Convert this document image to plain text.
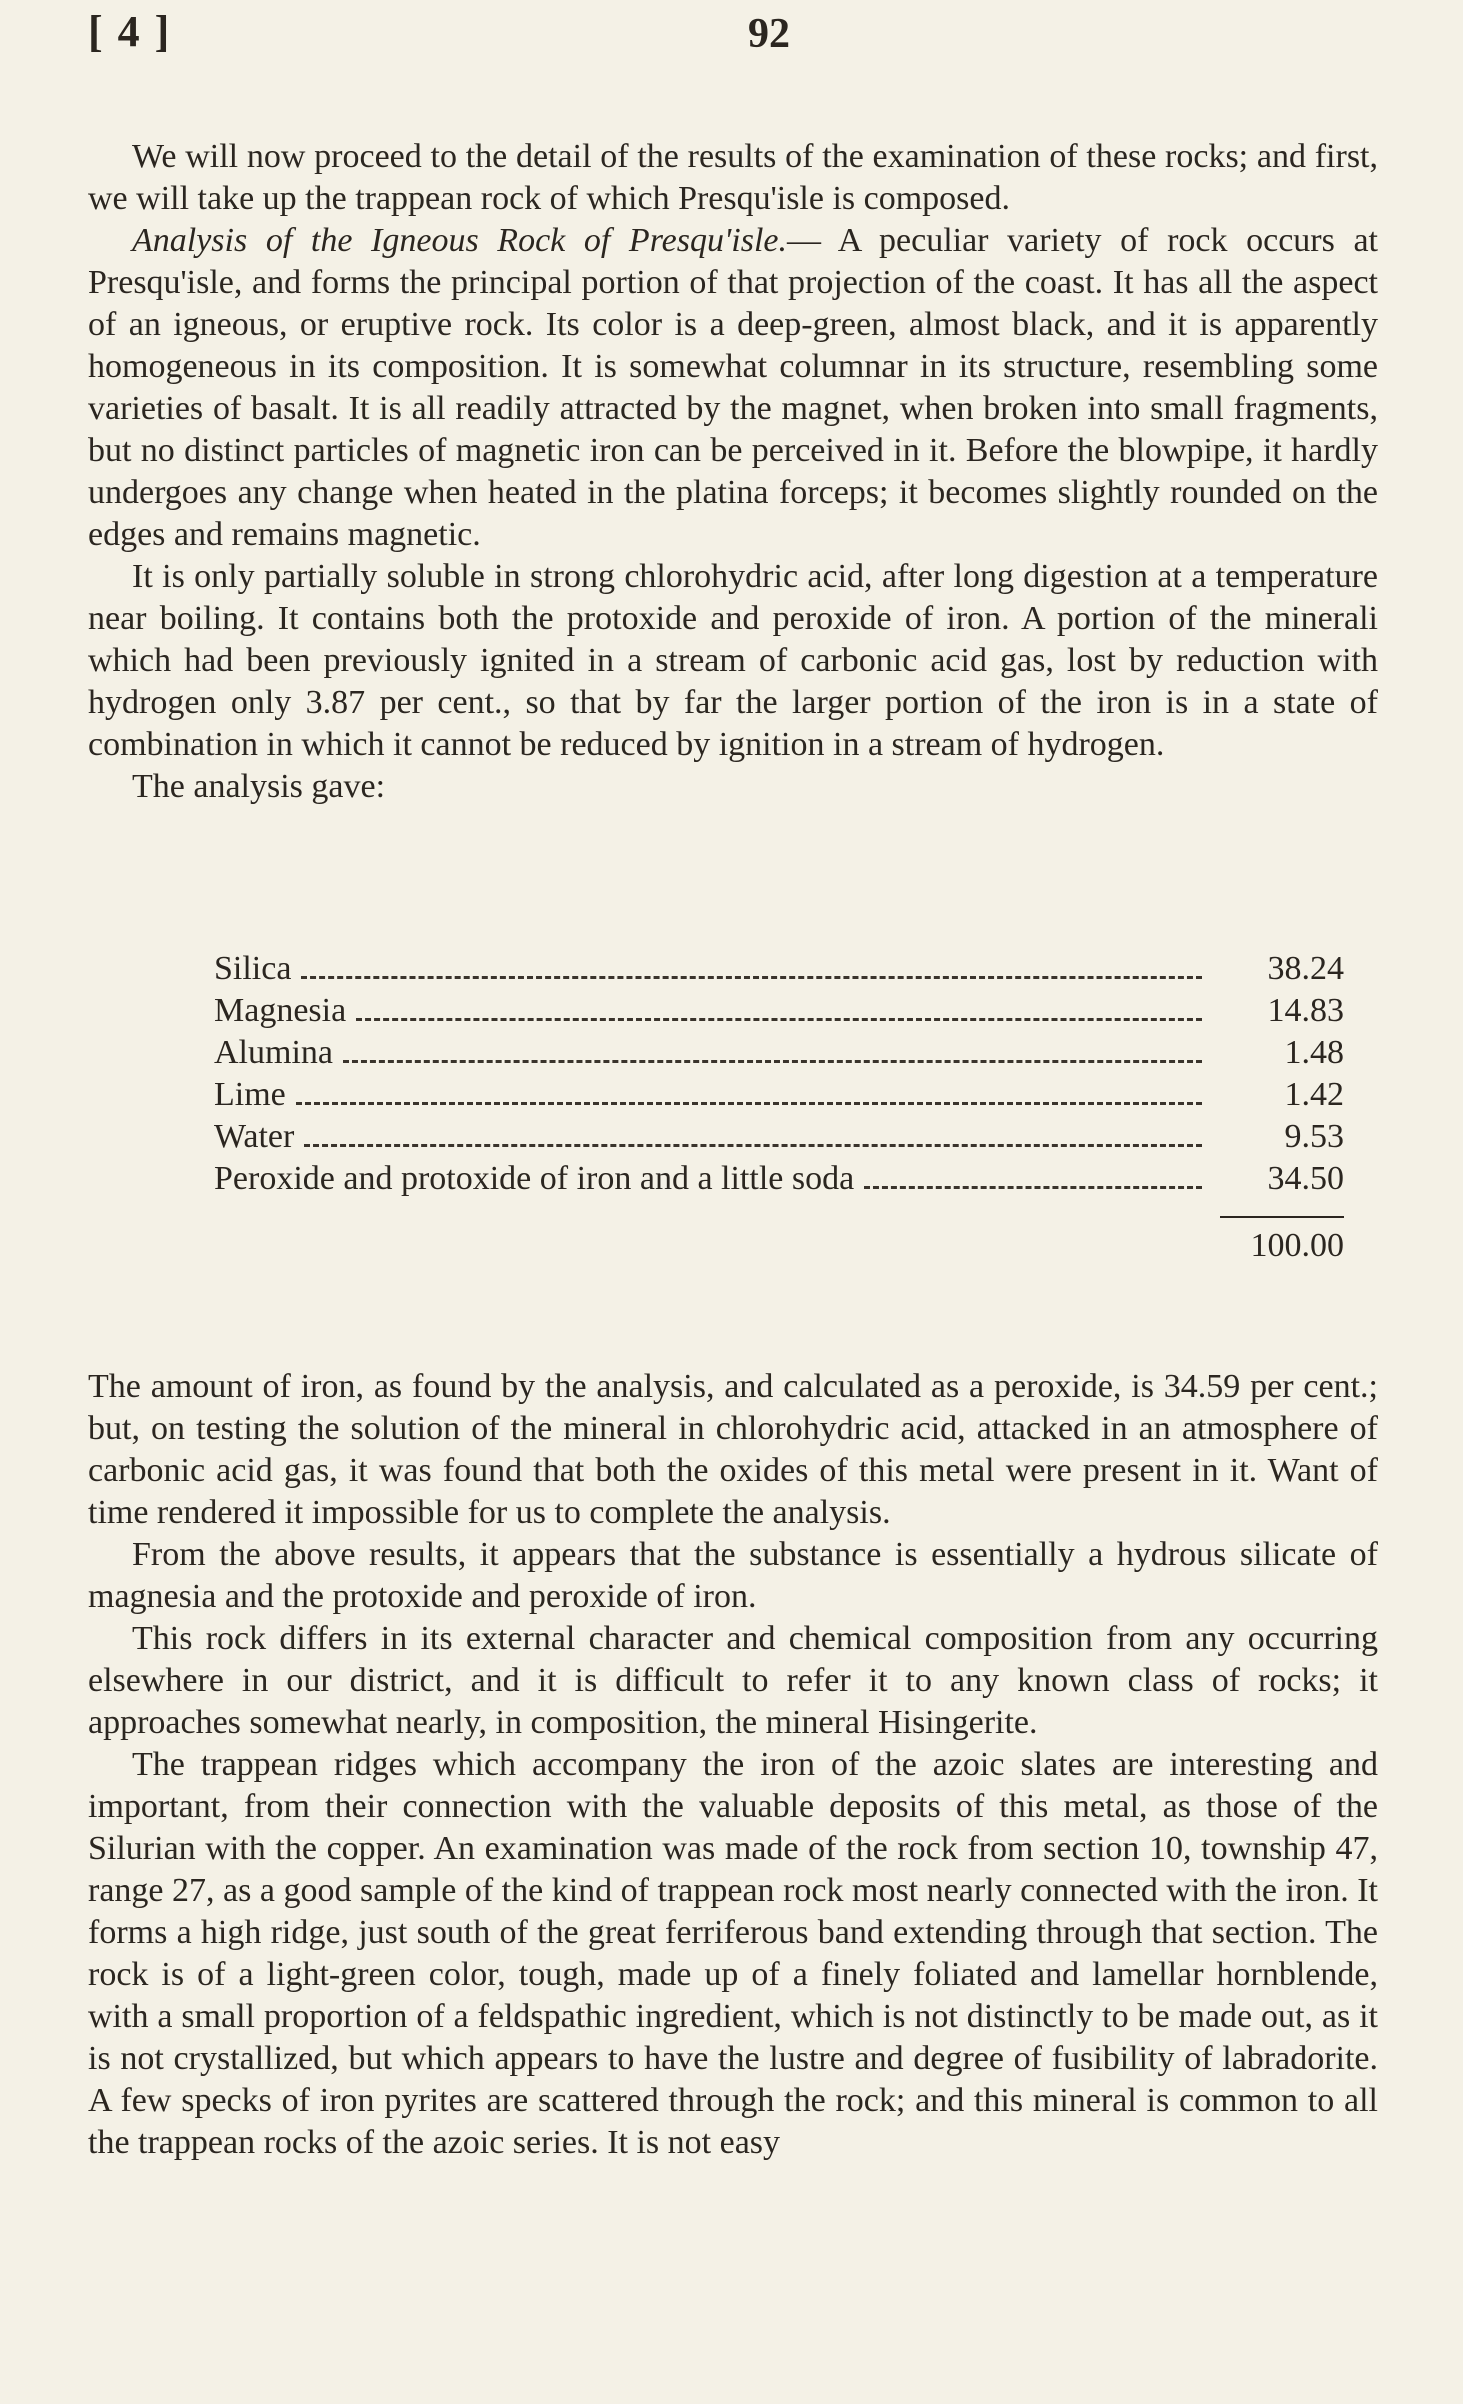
[ 4 ]	92

We will now proceed to the detail of the results of the examination of these rocks; and first, we will take up the trappean rock of which Presqu'isle is composed.

Analysis of the Igneous Rock of Presqu'isle.— A peculiar variety of rock occurs at Presqu'isle, and forms the principal portion of that projection of the coast. It has all the aspect of an igneous, or eruptive rock. Its color is a deep-green, almost black, and it is apparently homogeneous in its composition. It is somewhat columnar in its structure, resembling some varieties of basalt. It is all readily attracted by the magnet, when broken into small fragments, but no distinct particles of magnetic iron can be perceived in it. Before the blowpipe, it hardly undergoes any change when heated in the platina forceps; it becomes slightly rounded on the edges and remains magnetic.

It is only partially soluble in strong chlorohydric acid, after long digestion at a temperature near boiling. It contains both the protoxide and peroxide of iron. A portion of the minerali which had been previously ignited in a stream of carbonic acid gas, lost by reduction with hydrogen only 3.87 per cent., so that by far the larger portion of the iron is in a state of combination in which it cannot be reduced by ignition in a stream of hydrogen.

The analysis gave:

Silica	38.24
Magnesia	14.83
Alumina	1.48
Lime	1.42
Water	9.53
Peroxide and protoxide of iron and a little soda	34.50
100.00

The amount of iron, as found by the analysis, and calculated as a peroxide, is 34.59 per cent.; but, on testing the solution of the mineral in chlorohydric acid, attacked in an atmosphere of carbonic acid gas, it was found that both the oxides of this metal were present in it. Want of time rendered it impossible for us to complete the analysis.

From the above results, it appears that the substance is essentially a hydrous silicate of magnesia and the protoxide and peroxide of iron.

This rock differs in its external character and chemical composition from any occurring elsewhere in our district, and it is difficult to refer it to any known class of rocks; it approaches somewhat nearly, in composition, the mineral Hisingerite.

The trappean ridges which accompany the iron of the azoic slates are interesting and important, from their connection with the valuable deposits of this metal, as those of the Silurian with the copper. An examination was made of the rock from section 10, township 47, range 27, as a good sample of the kind of trappean rock most nearly connected with the iron. It forms a high ridge, just south of the great ferriferous band extending through that section. The rock is of a light-green color, tough, made up of a finely foliated and lamellar hornblende, with a small proportion of a feldspathic ingredient, which is not distinctly to be made out, as it is not crystallized, but which appears to have the lustre and degree of fusibility of labradorite. A few specks of iron pyrites are scattered through the rock; and this mineral is common to all the trappean rocks of the azoic series. It is not easy
